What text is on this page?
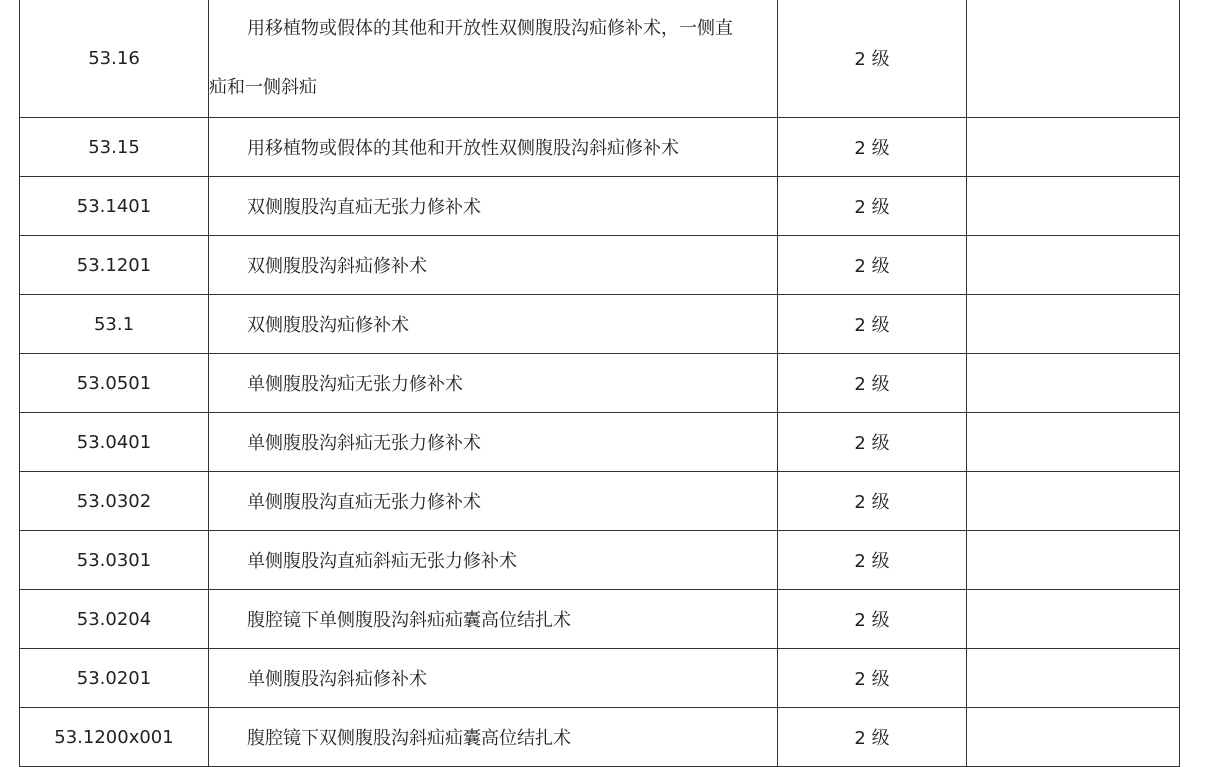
53.16	用移植物或假体的其他和开放性双侧腹股沟疝修补术，一侧直
疝和一侧斜疝	2 级	
53.15	用移植物或假体的其他和开放性双侧腹股沟斜疝修补术	2 级	
53.1401	双侧腹股沟直疝无张力修补术	2 级	
53.1201	双侧腹股沟斜疝修补术	2 级	
53.1	双侧腹股沟疝修补术	2 级	
53.0501	单侧腹股沟疝无张力修补术	2 级	
53.0401	单侧腹股沟斜疝无张力修补术	2 级	
53.0302	单侧腹股沟直疝无张力修补术	2 级	
53.0301	单侧腹股沟直疝斜疝无张力修补术	2 级	
53.0204	腹腔镜下单侧腹股沟斜疝疝囊高位结扎术	2 级	
53.0201	单侧腹股沟斜疝修补术	2 级	
53.1200x001	腹腔镜下双侧腹股沟斜疝疝囊高位结扎术	2 级	
